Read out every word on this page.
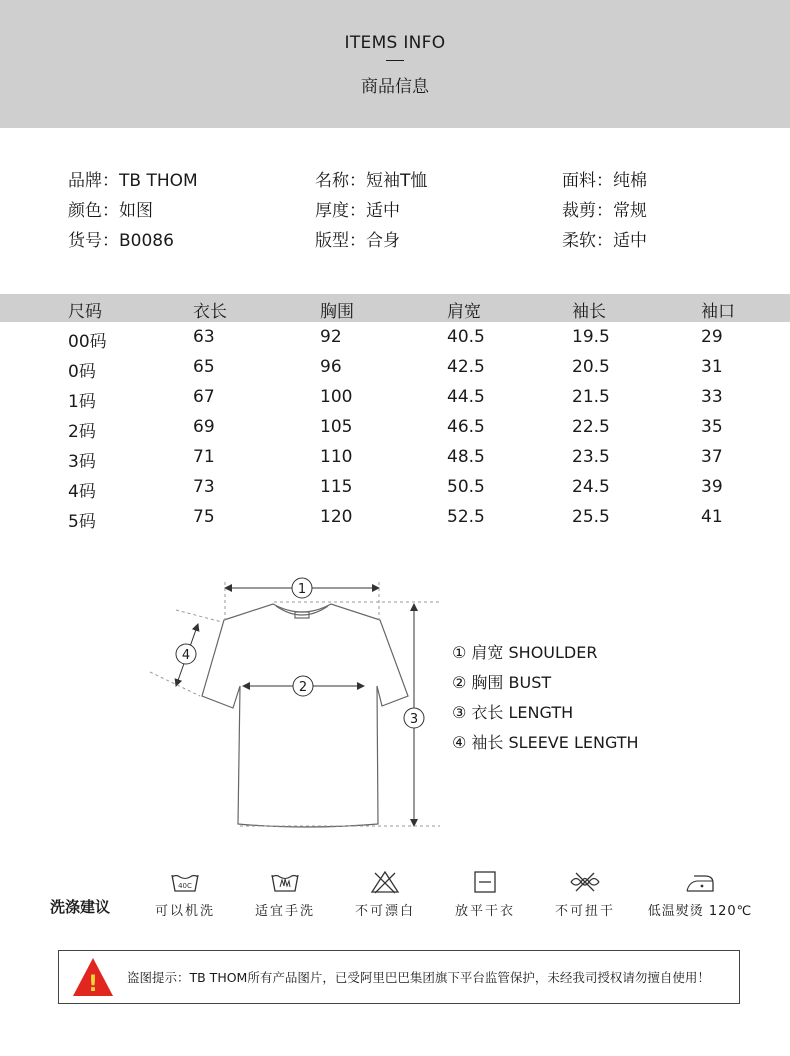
ITEMS INFO
商品信息
品牌：TB THOM	名称：短袖T恤	面料：纯棉
颜色：如图	厚度：适中	裁剪：常规
货号：B0086	版型：合身	柔软：适中
尺码	衣长	胸围	肩宽	袖长	袖口
00码	63	92	40.5	19.5	29
0码	65	96	42.5	20.5	31
1码	67	100	44.5	21.5	33
2码	69	105	46.5	22.5	35
3码	71	110	48.5	23.5	37
4码	73	115	50.5	24.5	39
5码	75	120	52.5	25.5	41
1
2
3
4	① 肩宽 SHOULDER
② 胸围 BUST
③ 衣长 LENGTH
④ 袖长 SLEEVE LENGTH
洗涤建议
40C
可以机洗	适宜手洗	不可漂白	放平干衣	不可扭干	低温熨烫 120℃
! 盗图提示：TB THOM所有产品图片，已受阿里巴巴集团旗下平台监管保护，未经我司授权请勿擅自使用！
